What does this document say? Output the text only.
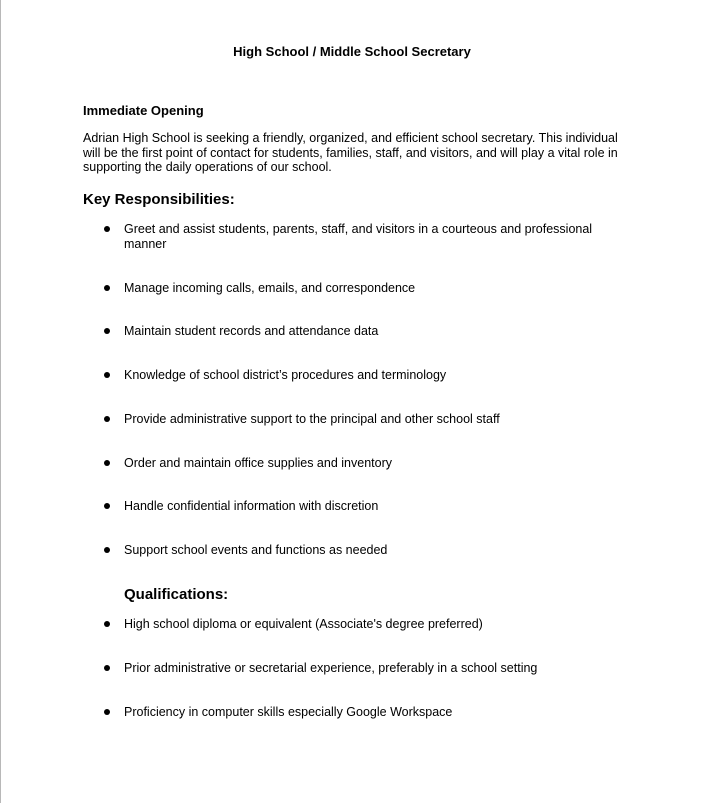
High School / Middle School Secretary
Immediate Opening
Adrian High School is seeking a friendly, organized, and efficient school secretary. This individual will be the first point of contact for students, families, staff, and visitors, and will play a vital role in supporting the daily operations of our school.
Key Responsibilities:
Greet and assist students, parents, staff, and visitors in a courteous and professional manner
Manage incoming calls, emails, and correspondence
Maintain student records and attendance data
Knowledge of school district’s procedures and terminology
Provide administrative support to the principal and other school staff
Order and maintain office supplies and inventory
Handle confidential information with discretion
Support school events and functions as needed
Qualifications:
High school diploma or equivalent (Associate's degree preferred)
Prior administrative or secretarial experience, preferably in a school setting
Proficiency in computer skills especially Google Workspace
